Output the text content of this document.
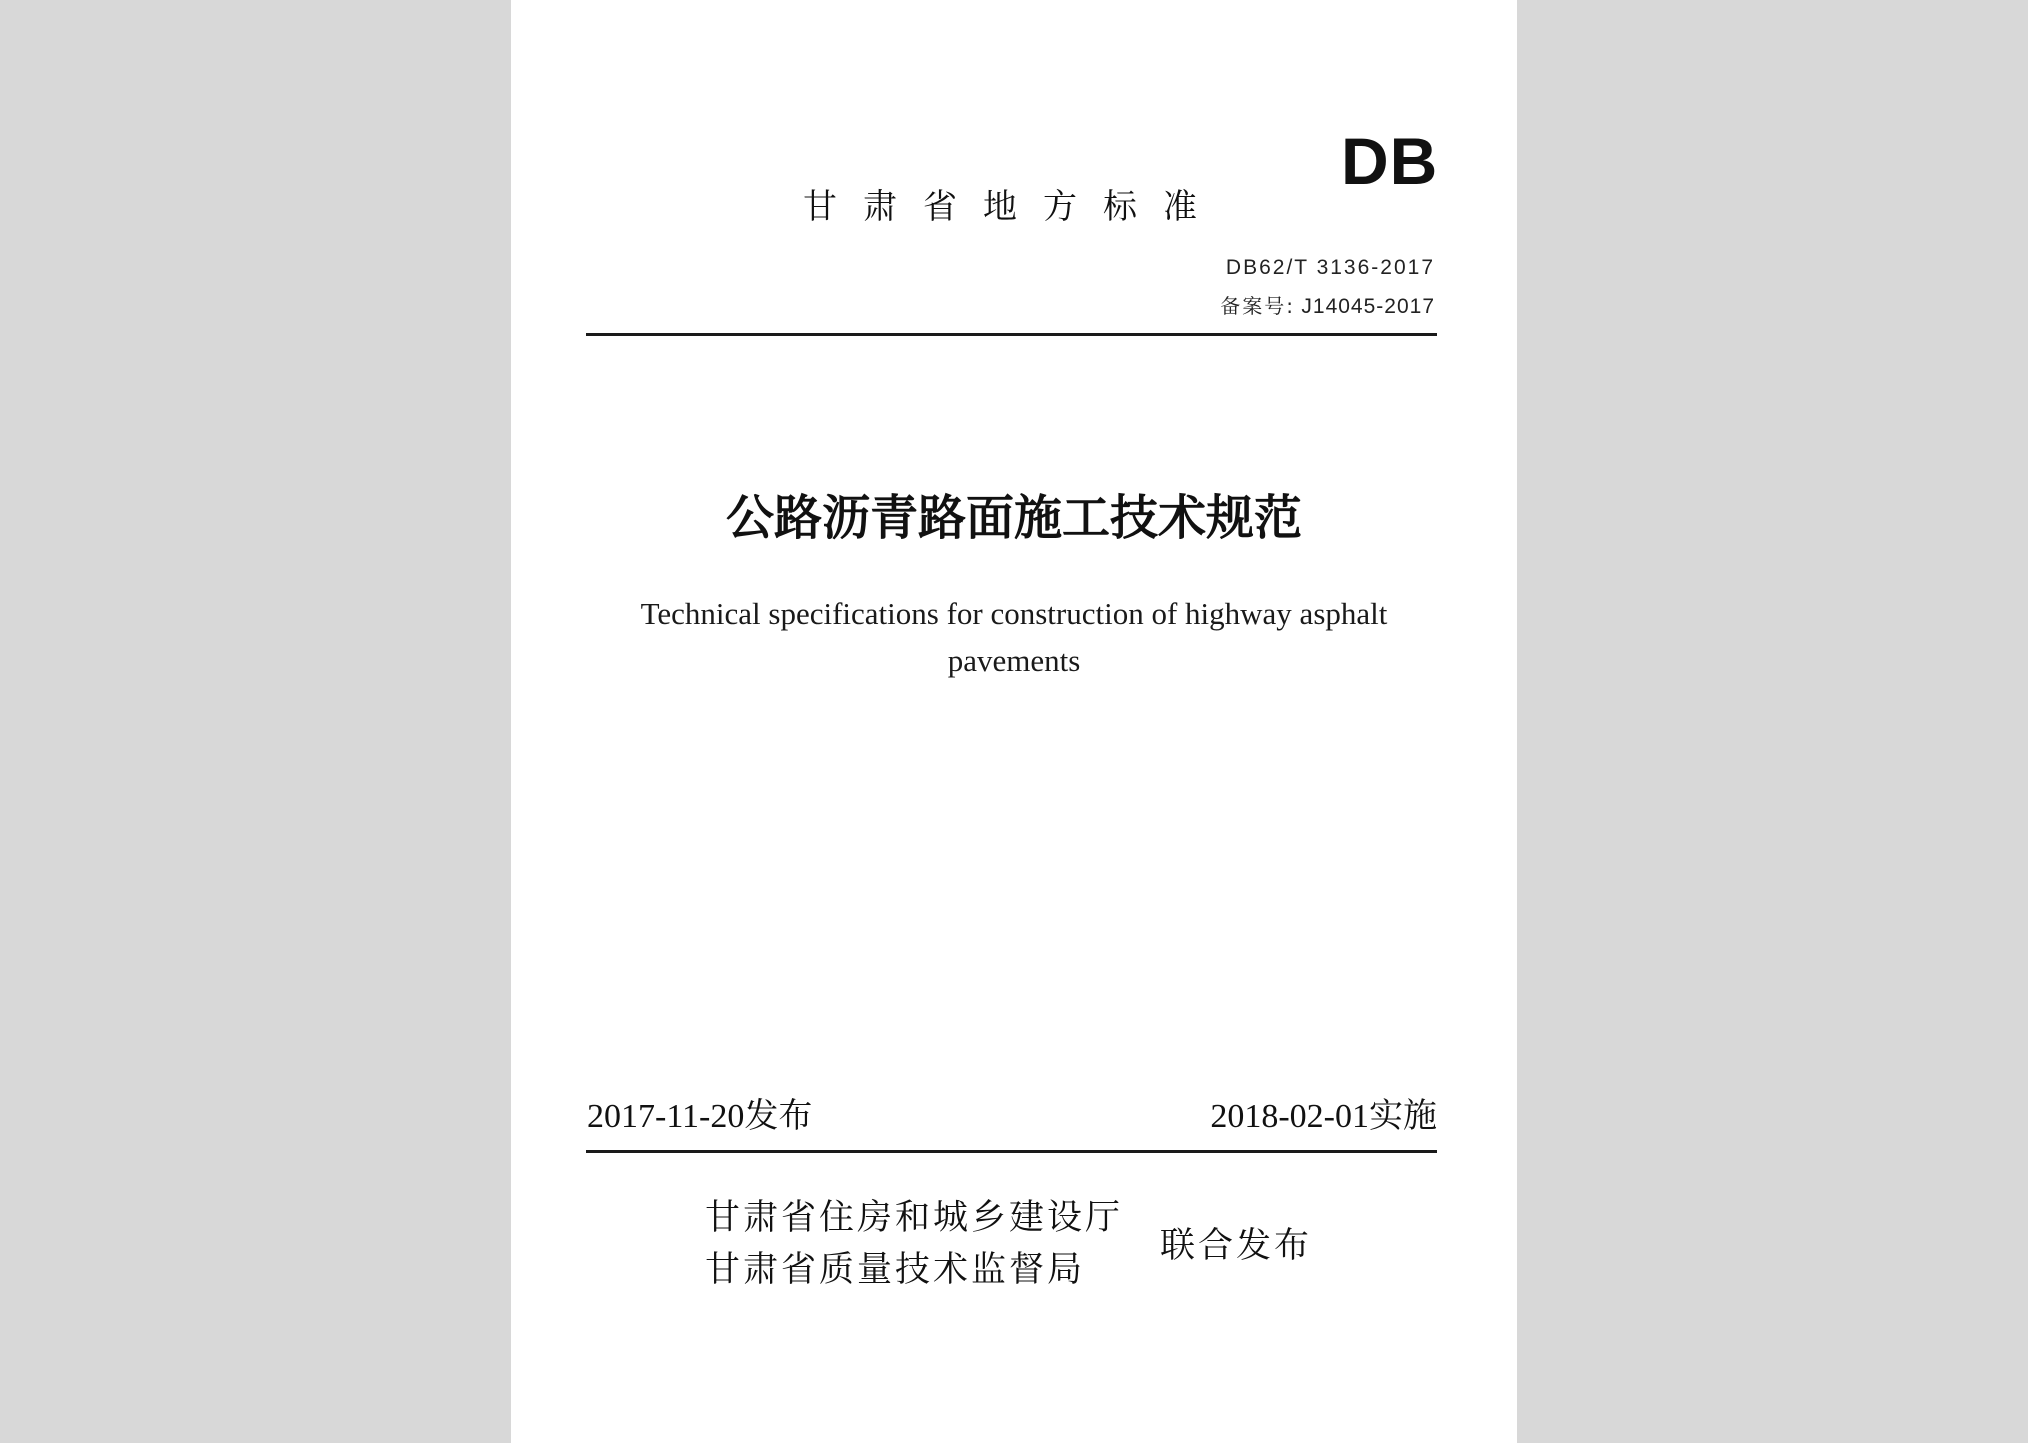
DB
甘肃省地方标准
DB62/T 3136-2017
备案号: J14045-2017
公路沥青路面施工技术规范
Technical specifications for construction of highway asphalt
pavements
2017-11-20发布	2018-02-01实施
甘肃省住房和城乡建设厅
甘肃省质量技术监督局
联合发布
